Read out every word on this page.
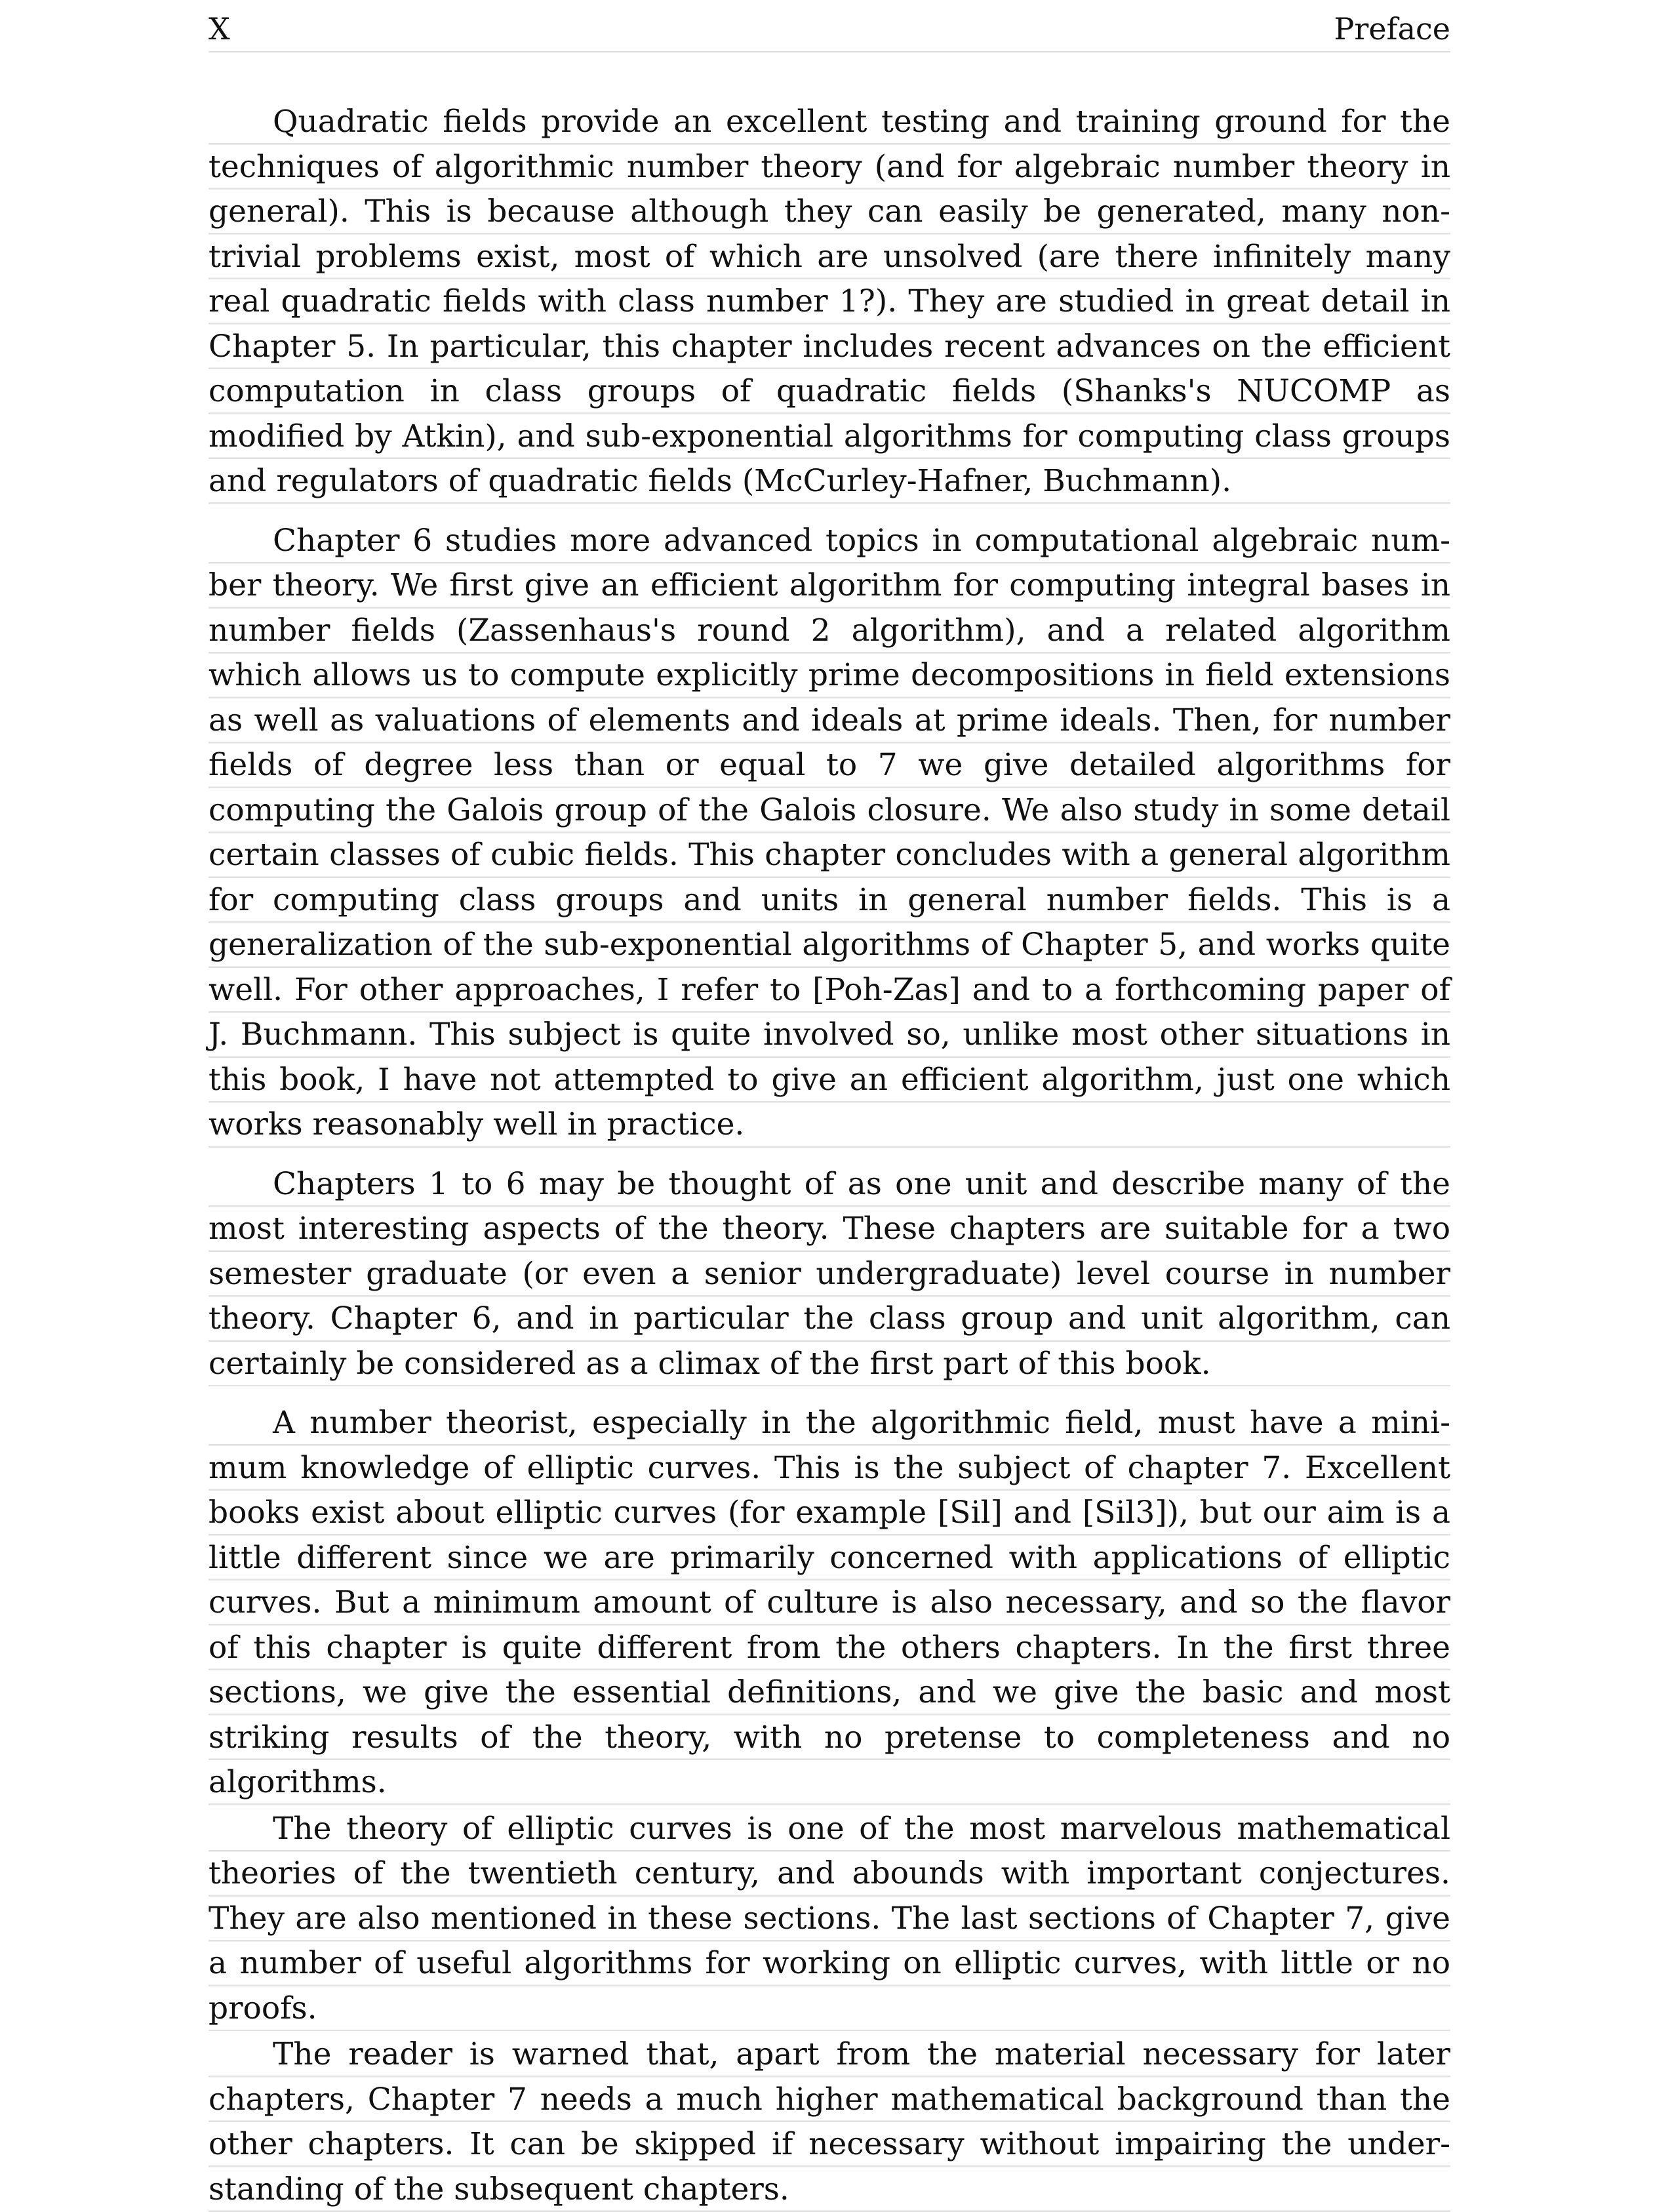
X	Preface

Quadratic fields provide an excellent testing and training ground for the techniques of algorithmic number theory (and for algebraic number theory in general). This is because although they can easily be generated, many non-trivial problems exist, most of which are unsolved (are there infinitely many real quadratic fields with class number 1?). They are studied in great detail in Chapter 5. In particular, this chapter includes recent advances on the efficient computation in class groups of quadratic fields (Shanks's NUCOMP as modified by Atkin), and sub-exponential algorithms for computing class groups and regulators of quadratic fields (McCurley-Hafner, Buchmann).

Chapter 6 studies more advanced topics in computational algebraic number theory. We first give an efficient algorithm for computing integral bases in number fields (Zassenhaus's round 2 algorithm), and a related algorithm which allows us to compute explicitly prime decompositions in field extensions as well as valuations of elements and ideals at prime ideals. Then, for number fields of degree less than or equal to 7 we give detailed algorithms for computing the Galois group of the Galois closure. We also study in some detail certain classes of cubic fields. This chapter concludes with a general algorithm for computing class groups and units in general number fields. This is a generalization of the sub-exponential algorithms of Chapter 5, and works quite well. For other approaches, I refer to [Poh-Zas] and to a forthcoming paper of J. Buchmann. This subject is quite involved so, unlike most other situations in this book, I have not attempted to give an efficient algorithm, just one which works reasonably well in practice.

Chapters 1 to 6 may be thought of as one unit and describe many of the most interesting aspects of the theory. These chapters are suitable for a two semester graduate (or even a senior undergraduate) level course in number theory. Chapter 6, and in particular the class group and unit algorithm, can certainly be considered as a climax of the first part of this book.

A number theorist, especially in the algorithmic field, must have a minimum knowledge of elliptic curves. This is the subject of chapter 7. Excellent books exist about elliptic curves (for example [Sil] and [Sil3]), but our aim is a little different since we are primarily concerned with applications of elliptic curves. But a minimum amount of culture is also necessary, and so the flavor of this chapter is quite different from the others chapters. In the first three sections, we give the essential definitions, and we give the basic and most striking results of the theory, with no pretense to completeness and no algorithms.

The theory of elliptic curves is one of the most marvelous mathematical theories of the twentieth century, and abounds with important conjectures. They are also mentioned in these sections. The last sections of Chapter 7, give a number of useful algorithms for working on elliptic curves, with little or no proofs.

The reader is warned that, apart from the material necessary for later chapters, Chapter 7 needs a much higher mathematical background than the other chapters. It can be skipped if necessary without impairing the understanding of the subsequent chapters.
